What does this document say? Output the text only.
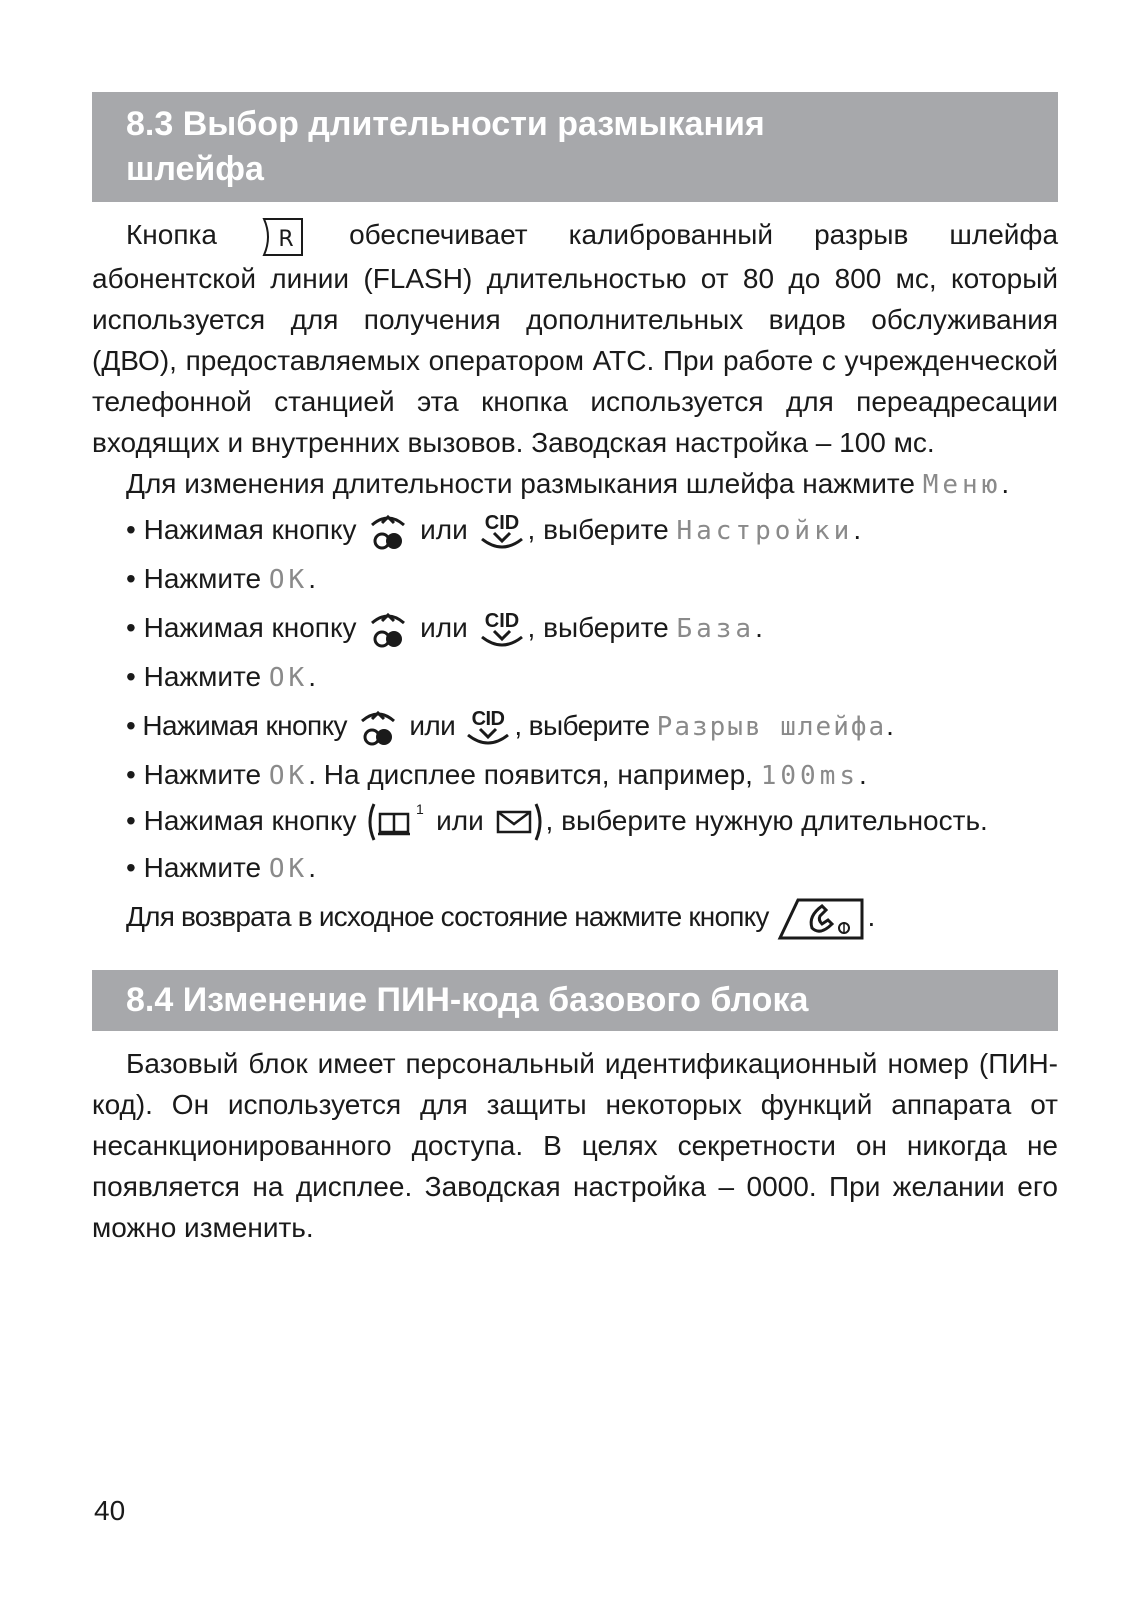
8.3 Выбор длительности размыкания
шлейфа

Кнопка	R обеспечивает калиброванный разрыв шлейфа абонентской линии (FLASH) длительностью от 80 до 800 мс, который используется для получения дополнительных видов обслуживания (ДВО), предоставляемых оператором АТС. При работе с учрежденческой телефонной станцией эта кнопка используется для переадресации входящих и внутренних вызовов. Заводская настройка – 100 мс.

Для изменения длительности размыкания шлейфа нажмите Меню.

• Нажимая кнопку или CID , выберите Настройки.
• Нажмите OK.
• Нажимая кнопку или CID , выберите База.
• Нажмите OK.
• Нажимая кнопку или CID , выберите Разрыв шлейфа.
• Нажмите OK. На дисплее появится, например, 100ms.
• Нажимая кнопку	1 или , выберите нужную длительность.
• Нажмите OK.
Для возврата в исходное состояние нажмите кнопку	.
8.4 Изменение ПИН-кода базового блока

Базовый блок имеет персональный идентификационный номер (ПИН-код). Он используется для защиты некоторых функций аппарата от несанкционированного доступа. В целях секретности он никогда не появляется на дисплее. Заводская настройка – 0000. При желании его можно изменить.

40
